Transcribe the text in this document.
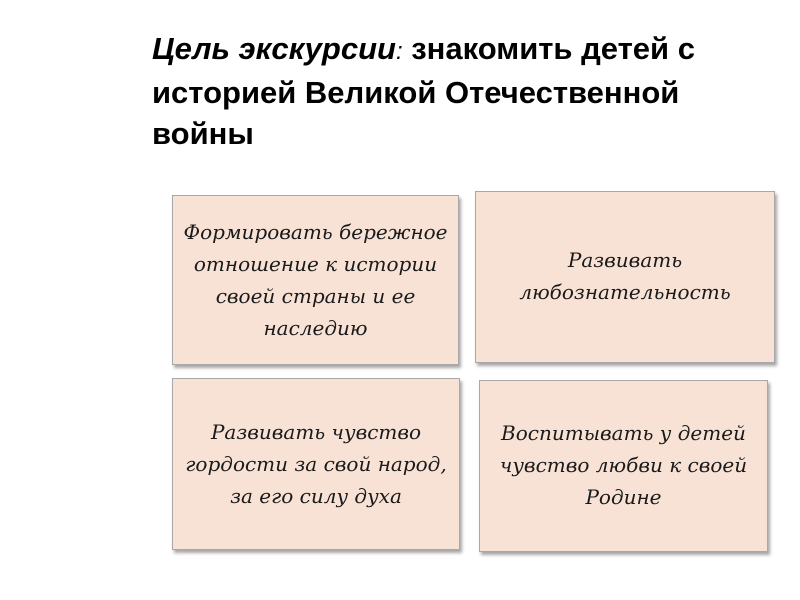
Цель экскурсии: знакомить детей с историей Великой Отечественной войны
Формировать бережное отношение к истории своей страны и ее наследию
Развивать любознательность
Развивать чувство гордости за свой народ, за его силу духа
Воспитывать у детей чувство любви к своей Родине
